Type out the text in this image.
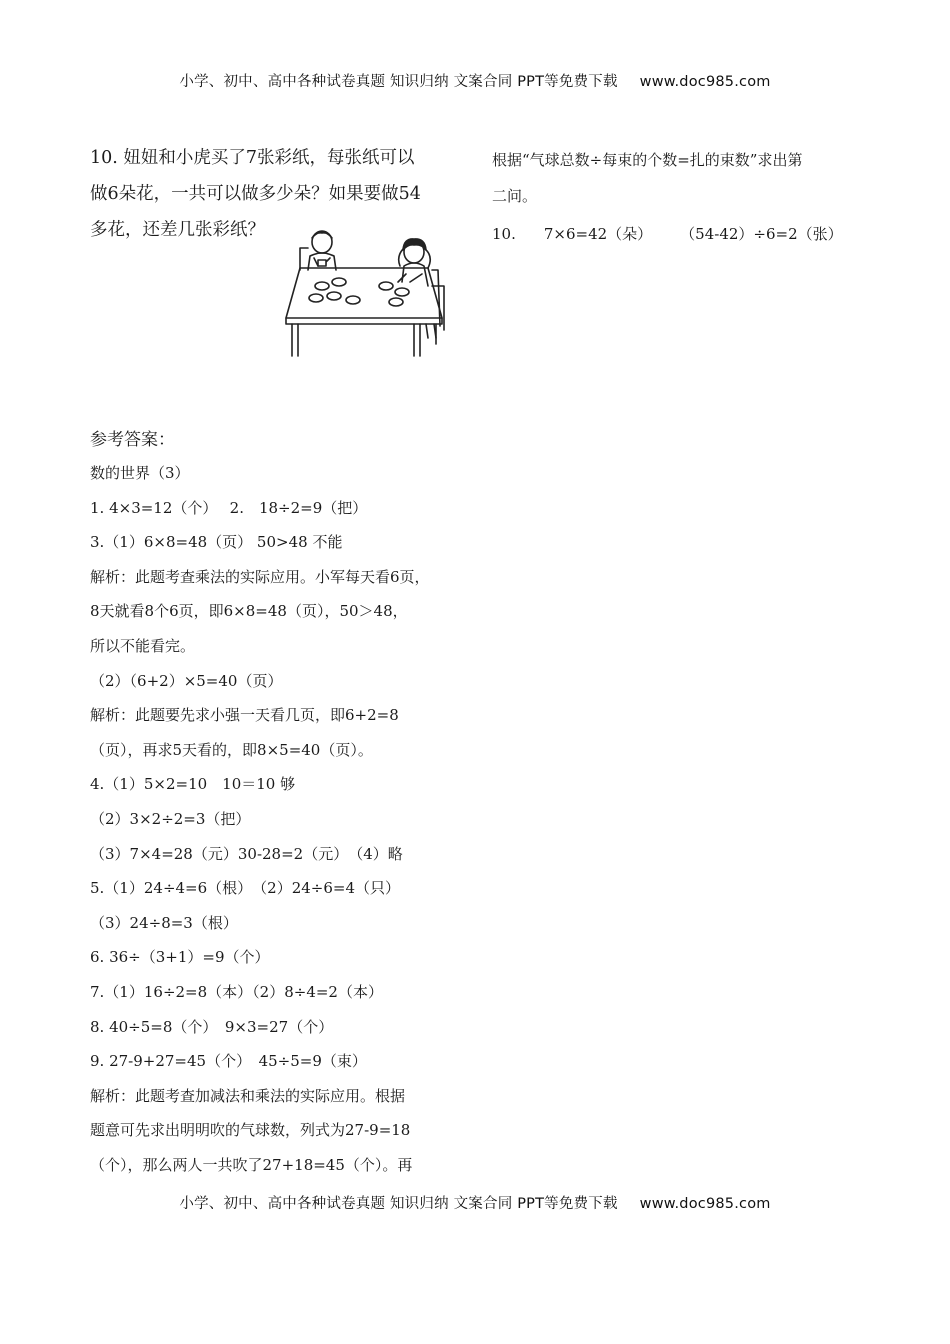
小学、初中、高中各种试卷真题 知识归纳 文案合同 PPT等免费下载 www.doc985.com
10. 妞妞和小虎买了7张彩纸，每张纸可以
做6朵花，一共可以做多少朵？如果要做54
多花，还差几张彩纸？
根据“气球总数÷每束的个数=扎的束数”求出第
二问。
10. 7×6=42（朵） （54-42）÷6=2（张）
参考答案：
数的世界（3）
1. 4×3=12（个）　 2.　18÷2=9（把）
3.（1）6×8=48（页） 50>48 不能
解析：此题考查乘法的实际应用。小军每天看6页，
8天就看8个6页，即6×8=48（页），50＞48，
所以不能看完。
（2）（6+2）×5=40（页）
解析：此题要先求小强一天看几页，即6+2=8
（页），再求5天看的，即8×5=40（页）。
4.（1）5×2=10　10＝10 够
（2）3×2÷2=3（把）
（3）7×4=28（元）30-28=2（元）　（4）略
5.（1）24÷4=6（根）　（2）24÷6=4（只）
（3）24÷8=3（根）
6. 36÷（3+1）=9（个）
7.（1）16÷2=8（本）（2）8÷4=2（本）
8. 40÷5=8（个）　9×3=27（个）
9. 27-9+27=45（个）　45÷5=9（束）
解析：此题考查加减法和乘法的实际应用。根据
题意可先求出明明吹的气球数，列式为27-9=18
（个），那么两人一共吹了27+18=45（个）。再
小学、初中、高中各种试卷真题 知识归纳 文案合同 PPT等免费下载 www.doc985.com
